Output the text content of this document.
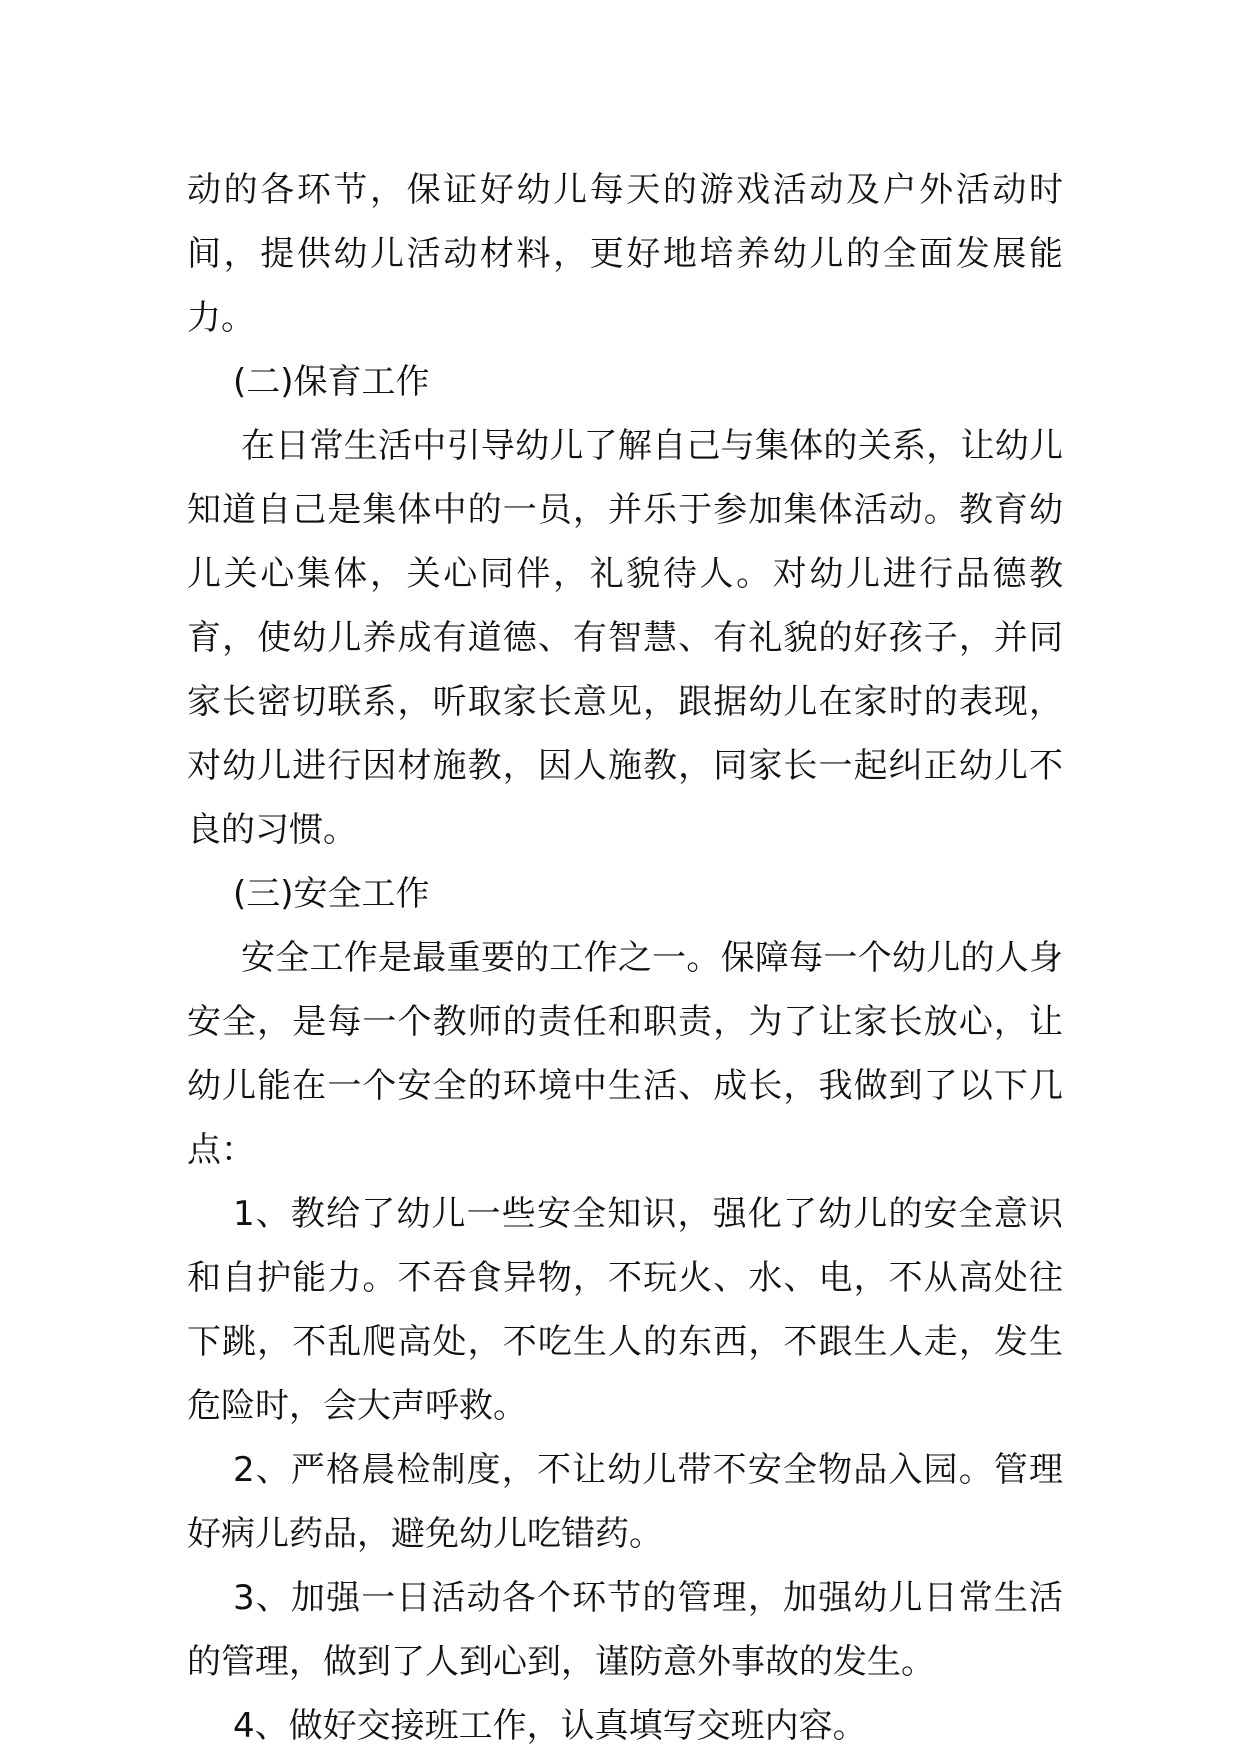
动的各环节，保证好幼儿每天的游戏活动及户外活动时间，提供幼儿活动材料，更好地培养幼儿的全面发展能力。

(二)保育工作

在日常生活中引导幼儿了解自己与集体的关系，让幼儿知道自己是集体中的一员，并乐于参加集体活动。教育幼儿关心集体，关心同伴，礼貌待人。对幼儿进行品德教育，使幼儿养成有道德、有智慧、有礼貌的好孩子，并同家长密切联系，听取家长意见，跟据幼儿在家时的表现，对幼儿进行因材施教，因人施教，同家长一起纠正幼儿不良的习惯。

(三)安全工作

安全工作是最重要的工作之一。保障每一个幼儿的人身安全，是每一个教师的责任和职责，为了让家长放心，让幼儿能在一个安全的环境中生活、成长，我做到了以下几点：

1、教给了幼儿一些安全知识，强化了幼儿的安全意识和自护能力。不吞食异物，不玩火、水、电，不从高处往下跳，不乱爬高处，不吃生人的东西，不跟生人走，发生危险时，会大声呼救。

2、严格晨检制度，不让幼儿带不安全物品入园。管理好病儿药品，避免幼儿吃错药。

3、加强一日活动各个环节的管理，加强幼儿日常生活的管理，做到了人到心到，谨防意外事故的发生。

4、做好交接班工作，认真填写交班内容。
